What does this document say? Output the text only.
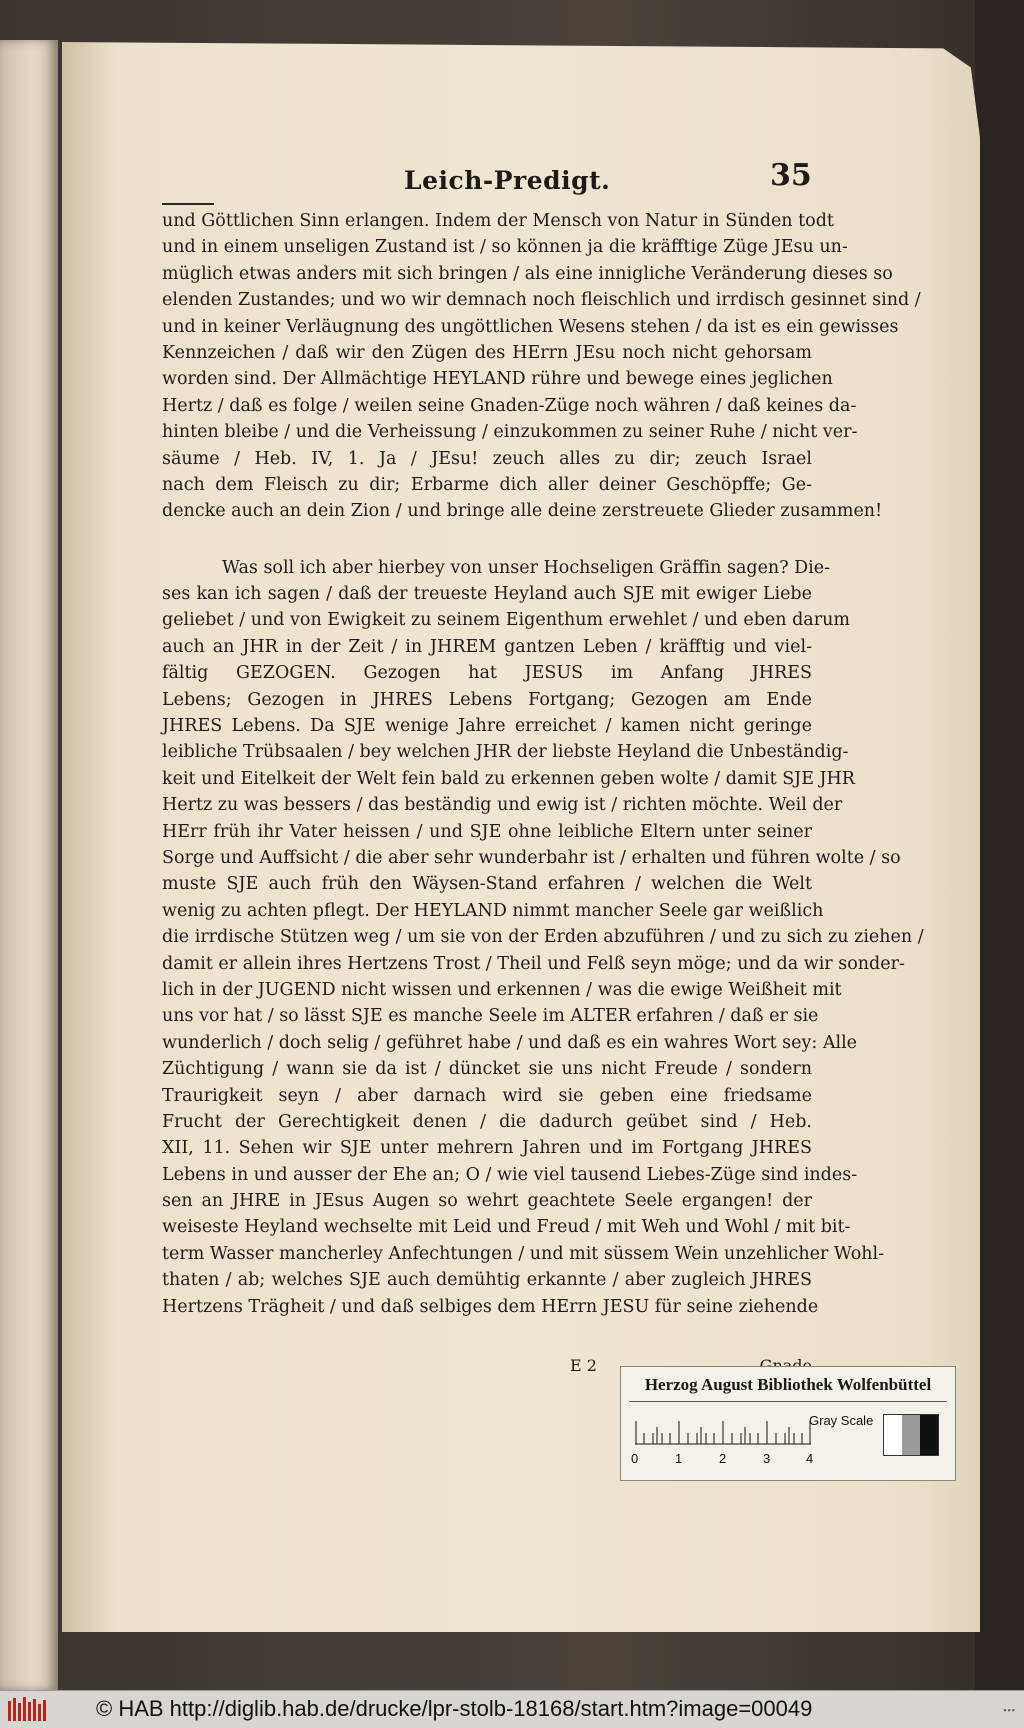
Leich-Predigt.	35
und Göttlichen Sinn erlangen. Indem der Mensch von Natur in Sünden todt
und in einem unseligen Zustand ist / so können ja die kräfftige Züge JEsu un-
müglich etwas anders mit sich bringen / als eine innigliche Veränderung dieses so
elenden Zustandes; und wo wir demnach noch fleischlich und irrdisch gesinnet sind /
und in keiner Verläugnung des ungöttlichen Wesens stehen / da ist es ein gewisses
Kennzeichen / daß wir den Zügen des HErrn JEsu noch nicht gehorsam
worden sind. Der Allmächtige HEYLAND rühre und bewege eines jeglichen
Hertz / daß es folge / weilen seine Gnaden-Züge noch währen / daß keines da-
hinten bleibe / und die Verheissung / einzukommen zu seiner Ruhe / nicht ver-
säume / Heb. IV, 1. Ja / JEsu! zeuch alles zu dir; zeuch Israel
nach dem Fleisch zu dir; Erbarme dich aller deiner Geschöpffe; Ge-
dencke auch an dein Zion / und bringe alle deine zerstreuete Glieder zusammen!
Was soll ich aber hierbey von unser Hochseligen Gräffin sagen? Die-
ses kan ich sagen / daß der treueste Heyland auch SJE mit ewiger Liebe
geliebet / und von Ewigkeit zu seinem Eigenthum erwehlet / und eben darum
auch an JHR in der Zeit / in JHREM gantzen Leben / kräfftig und viel-
fältig GEZOGEN. Gezogen hat JESUS im Anfang JHRES
Lebens; Gezogen in JHRES Lebens Fortgang; Gezogen am Ende
JHRES Lebens. Da SJE wenige Jahre erreichet / kamen nicht geringe
leibliche Trübsaalen / bey welchen JHR der liebste Heyland die Unbeständig-
keit und Eitelkeit der Welt fein bald zu erkennen geben wolte / damit SJE JHR
Hertz zu was bessers / das beständig und ewig ist / richten möchte. Weil der
HErr früh ihr Vater heissen / und SJE ohne leibliche Eltern unter seiner
Sorge und Auffsicht / die aber sehr wunderbahr ist / erhalten und führen wolte / so
muste SJE auch früh den Wäysen-Stand erfahren / welchen die Welt
wenig zu achten pflegt. Der HEYLAND nimmt mancher Seele gar weißlich
die irrdische Stützen weg / um sie von der Erden abzuführen / und zu sich zu ziehen /
damit er allein ihres Hertzens Trost / Theil und Felß seyn möge; und da wir sonder-
lich in der JUGEND nicht wissen und erkennen / was die ewige Weißheit mit
uns vor hat / so lässt SJE es manche Seele im ALTER erfahren / daß er sie
wunderlich / doch selig / geführet habe / und daß es ein wahres Wort sey: Alle
Züchtigung / wann sie da ist / düncket sie uns nicht Freude / sondern
Traurigkeit seyn / aber darnach wird sie geben eine friedsame
Frucht der Gerechtigkeit denen / die dadurch geübet sind / Heb.
XII, 11. Sehen wir SJE unter mehrern Jahren und im Fortgang JHRES
Lebens in und ausser der Ehe an; O / wie viel tausend Liebes-Züge sind indes-
sen an JHRE in JEsus Augen so wehrt geachtete Seele ergangen! der
weiseste Heyland wechselte mit Leid und Freud / mit Weh und Wohl / mit bit-
term Wasser mancherley Anfechtungen / und mit süssem Wein unzehlicher Wohl-
thaten / ab; welches SJE auch demühtig erkannte / aber zugleich JHRES
Hertzens Trägheit / und daß selbiges dem HErrn JESU für seine ziehende
E 2
Herzog August Bibliothek Wolfenbüttel
0	1	2	3	4
Gray Scale
© HAB http://diglib.hab.de/drucke/lpr-stolb-18168/start.htm?image=00049	▪▪▪
